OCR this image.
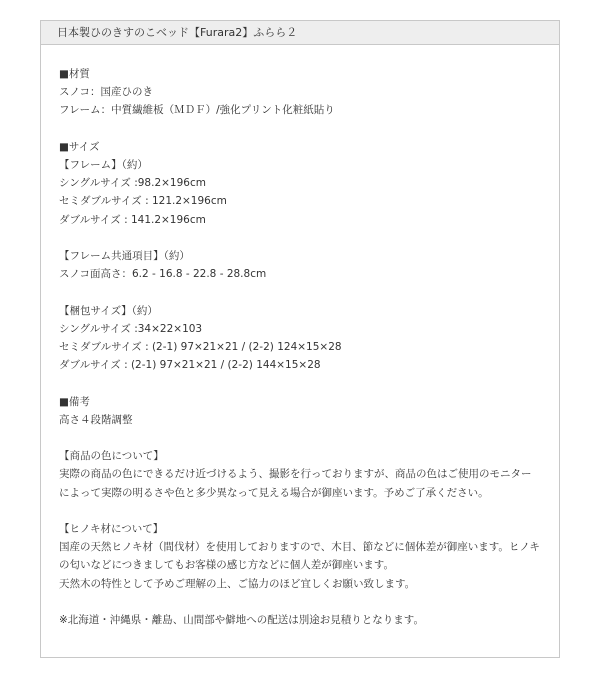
日本製ひのきすのこベッド【Furara2】ふらら２
■材質
スノコ：国産ひのき
フレーム：中質繊維板（ＭＤＦ）/強化プリント化粧紙貼り
■サイズ
【フレーム】（約）
シングルサイズ :98.2×196cm
セミダブルサイズ : 121.2×196cm
ダブルサイズ : 141.2×196cm
【フレーム共通項目】（約）
スノコ面高さ：6.2 - 16.8 - 22.8 - 28.8cm
【梱包サイズ】（約）
シングルサイズ :34×22×103
セミダブルサイズ : (2-1) 97×21×21 / (2-2) 124×15×28
ダブルサイズ : (2-1) 97×21×21 / (2-2) 144×15×28
■備考
高さ４段階調整
【商品の色について】
実際の商品の色にできるだけ近づけるよう、撮影を行っておりますが、商品の色はご使用のモニターによって実際の明るさや色と多少異なって見える場合が御座います。予めご了承ください。
【ヒノキ材について】
国産の天然ヒノキ材（間伐材）を使用しておりますので、木目、節などに個体差が御座います。ヒノキの匂いなどにつきましてもお客様の感じ方などに個人差が御座います。
天然木の特性として予めご理解の上、ご協力のほど宜しくお願い致します。
※北海道・沖縄県・離島、山間部や僻地への配送は別途お見積りとなります。
